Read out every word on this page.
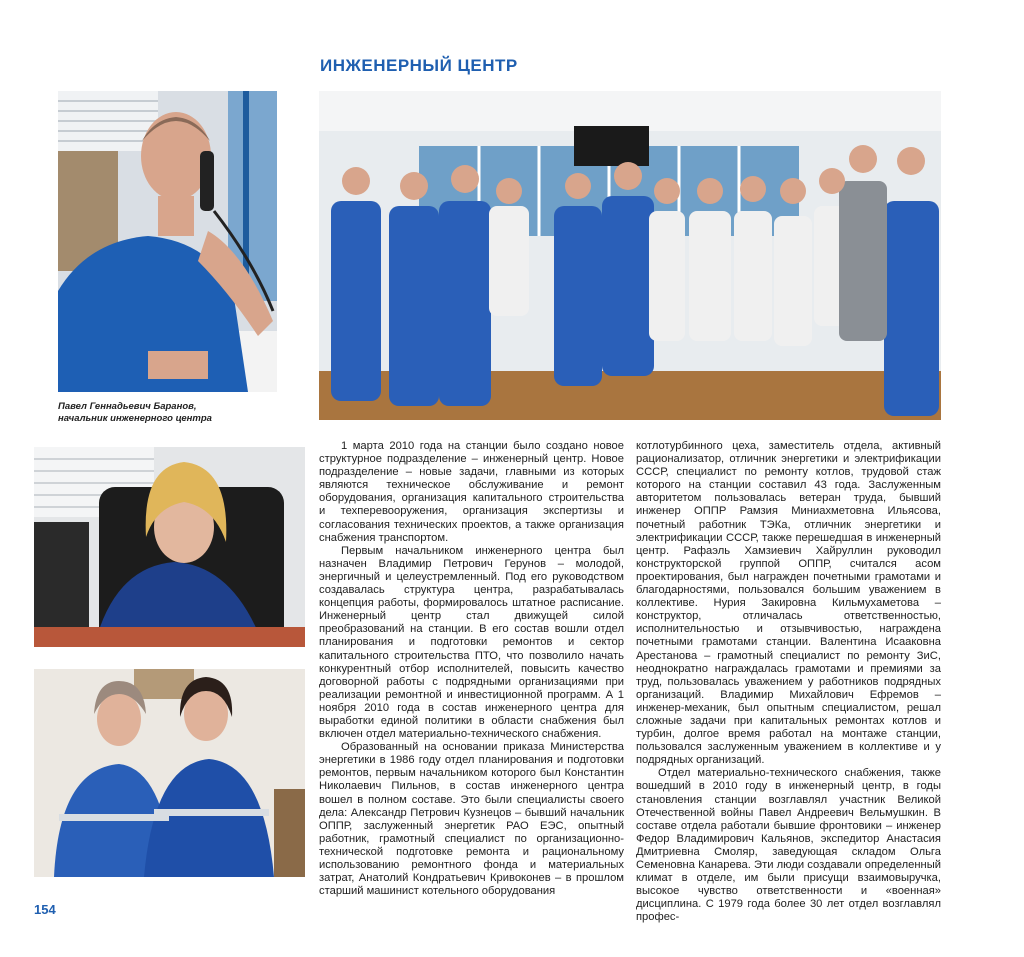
ИНЖЕНЕРНЫЙ ЦЕНТР
Павел Геннадьевич Баранов,
начальник инженерного центра

1 марта 2010 года на станции было создано новое структурное подразделение – инженерный центр. Новое подразделение – новые задачи, главными из которых являются техническое обслуживание и ремонт оборудования, организация капитального строительства и техперевооружения, организация экспертизы и согласования технических проектов, а также организация снабжения транспортом.

Первым начальником инженерного центра был назначен Владимир Петрович Герунов – молодой, энергичный и целеустремленный. Под его руководством создавалась структура центра, разрабатывалась концепция работы, формировалось штатное расписание. Инженерный центр стал движущей силой преобразований на станции. В его состав вошли отдел планирования и подготовки ремонтов и сектор капитального строительства ПТО, что позволило начать конкурентный отбор исполнителей, повысить качество договорной работы с подрядными организациями при реализации ремонтной и инвестиционной программ. А 1 ноября 2010 года в состав инженерного центра для выработки единой политики в области снабжения был включен отдел материально-технического снабжения.

Образованный на основании приказа Министерства энергетики в 1986 году отдел планирования и подготовки ремонтов, первым начальником которого был Константин Николаевич Пильнов, в состав инженерного центра вошел в полном составе. Это были специалисты своего дела: Александр Петрович Кузнецов – бывший начальник ОППР, заслуженный энергетик РАО ЕЭС, опытный работник, грамотный специалист по организационно-технической подготовке ремонта и рациональному использованию ремонтного фонда и материальных затрат, Анатолий Кондратьевич Кривоконев – в прошлом старший машинист котельного оборудования

котлотурбинного цеха, заместитель отдела, активный рационализатор, отличник энергетики и электрификации СССР, специалист по ремонту котлов, трудовой стаж которого на станции составил 43 года. Заслуженным авторитетом пользовалась ветеран труда, бывший инженер ОППР Рамзия Миниахметовна Ильясова, почетный работник ТЭКа, отличник энергетики и электрификации СССР, также перешедшая в инженерный центр. Рафаэль Хамзиевич Хайруллин руководил конструкторской группой ОППР, считался асом проектирования, был награжден почетными грамотами и благодарностями, пользовался большим уважением в коллективе. Нурия Закировна Кильмухаметова – конструктор, отличалась ответственностью, исполнительностью и отзывчивостью, награждена почетными грамотами станции. Валентина Исааковна Арестанова – грамотный специалист по ремонту ЗиС, неоднократно награждалась грамотами и премиями за труд, пользовалась уважением у работников подрядных организаций. Владимир Михайлович Ефремов – инженер-механик, был опытным специалистом, решал сложные задачи при капитальных ремонтах котлов и турбин, долгое время работал на монтаже станции, пользовался заслуженным уважением в коллективе и у подрядных организаций.

Отдел материально-технического снабжения, также вошедший в 2010 году в инженерный центр, в годы становления станции возглавлял участник Великой Отечественной войны Павел Андреевич Вельмушкин. В составе отдела работали бывшие фронтовики – инженер Федор Владимирович Кальянов, экспедитор Анастасия Дмитриевна Смоляр, заведующая складом Ольга Семеновна Канарева. Эти люди создавали определенный климат в отделе, им были присущи взаимовыручка, высокое чувство ответственности и «военная» дисциплина. С 1979 года более 30 лет отдел возглавлял профес-

154
